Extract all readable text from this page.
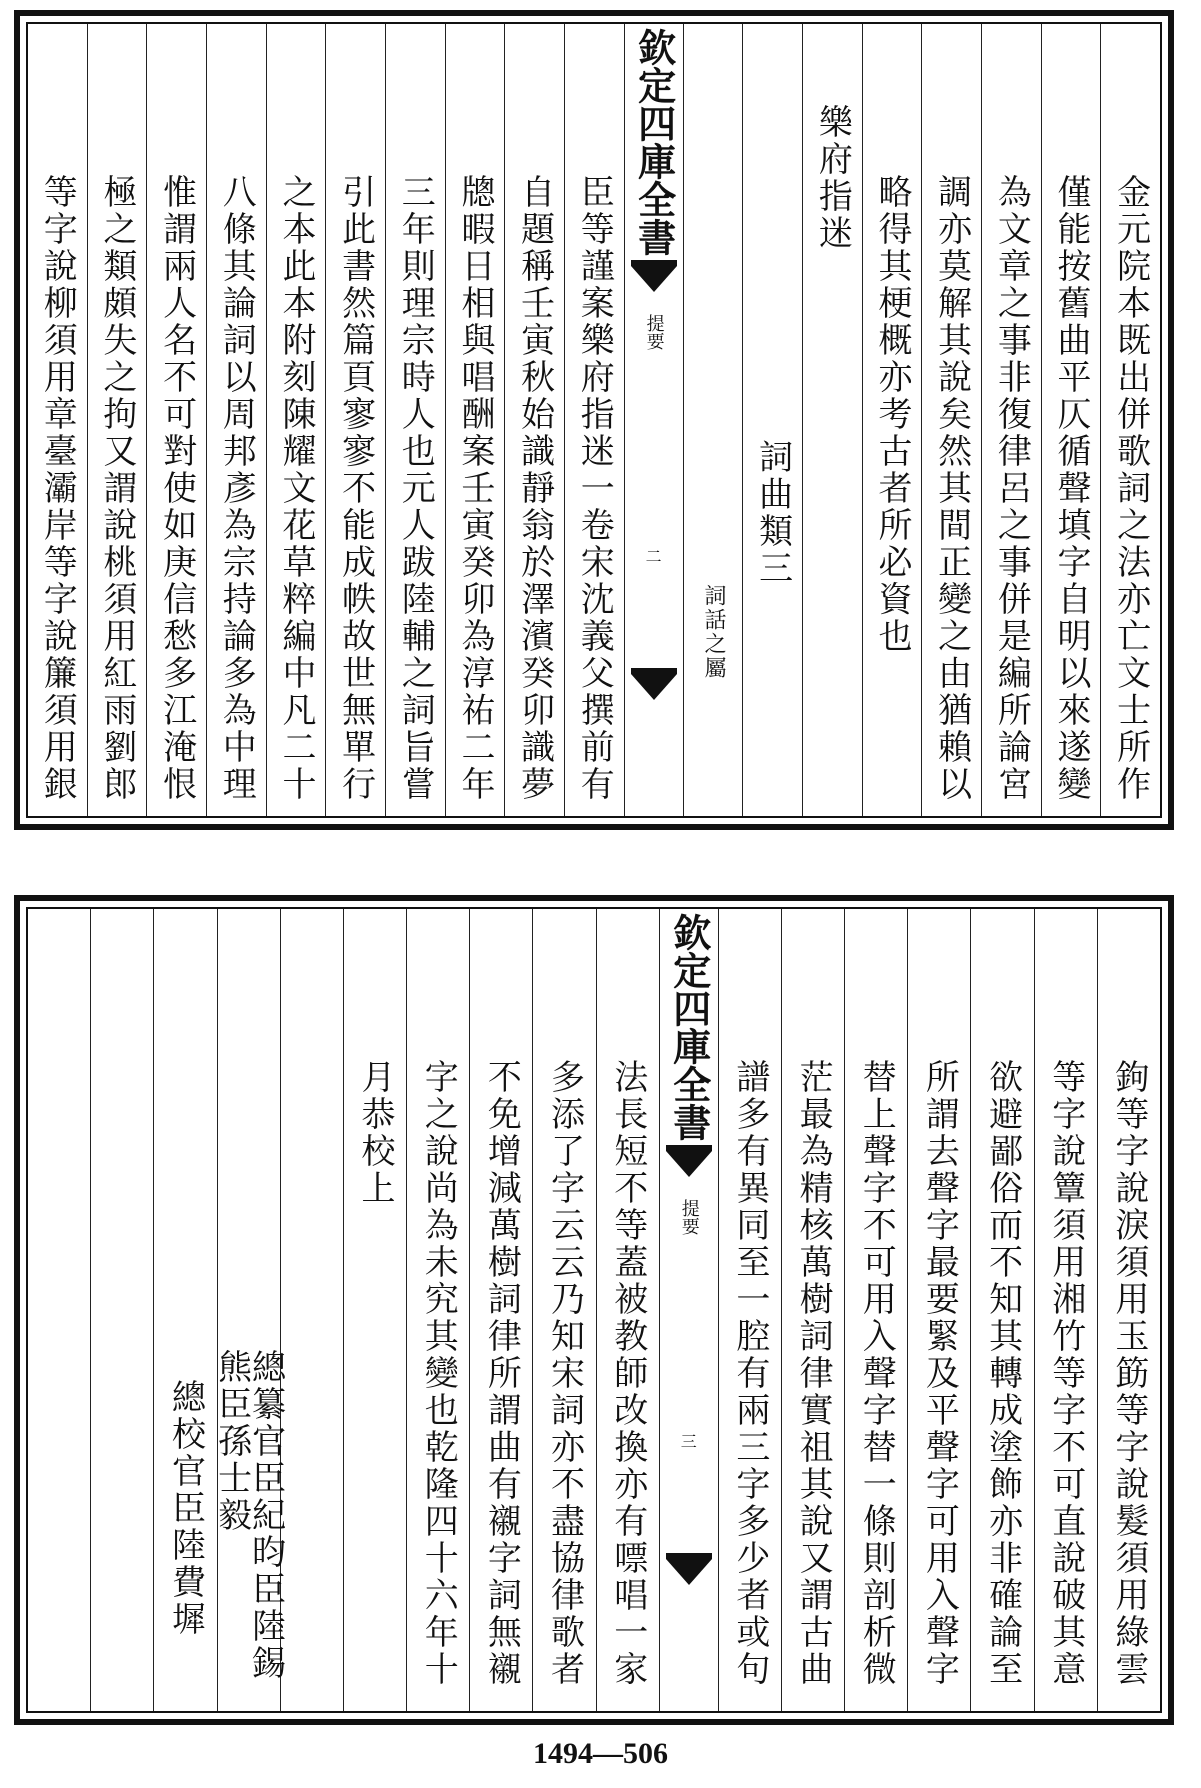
金元院本既出併歌詞之法亦亡文士所作
僅能按舊曲平仄循聲填字自明以來遂變
為文章之事非復律呂之事併是編所論宮
調亦莫解其說矣然其間正變之由猶賴以
略得其梗概亦考古者所必資也
樂府指迷
詞曲類三
詞話之屬
欽定四庫全書
提要
二
臣等謹案樂府指迷一卷宋沈義父撰前有
自題稱壬寅秋始識靜翁於澤濱癸卯識夢
牕暇日相與唱酬案壬寅癸卯為淳祐二年
三年則理宗時人也元人跋陸輔之詞旨嘗
引此書然篇頁寥寥不能成帙故世無單行
之本此本附刻陳耀文花草粹編中凡二十
八條其論詞以周邦彥為宗持論多為中理
惟謂兩人名不可對使如庚信愁多江淹恨
極之類頗失之拘又謂說桃須用紅雨劉郎
等字說柳須用章臺灞岸等字說簾須用銀
鉤等字說淚須用玉筯等字說髮須用綠雲
等字說簟須用湘竹等字不可直說破其意
欲避鄙俗而不知其轉成塗飾亦非確論至
所謂去聲字最要緊及平聲字可用入聲字
替上聲字不可用入聲字替一條則剖析微
茫最為精核萬樹詞律實祖其說又謂古曲
譜多有異同至一腔有兩三字多少者或句
欽定四庫全書
提要
三
法長短不等蓋被教師改換亦有嘌唱一家
多添了字云云乃知宋詞亦不盡協律歌者
不免增減萬樹詞律所謂曲有襯字詞無襯
字之說尚為未究其變也乾隆四十六年十
月恭校上
總纂官臣紀昀臣陸錫熊臣孫士毅
總校官臣陸費墀
1494—506
